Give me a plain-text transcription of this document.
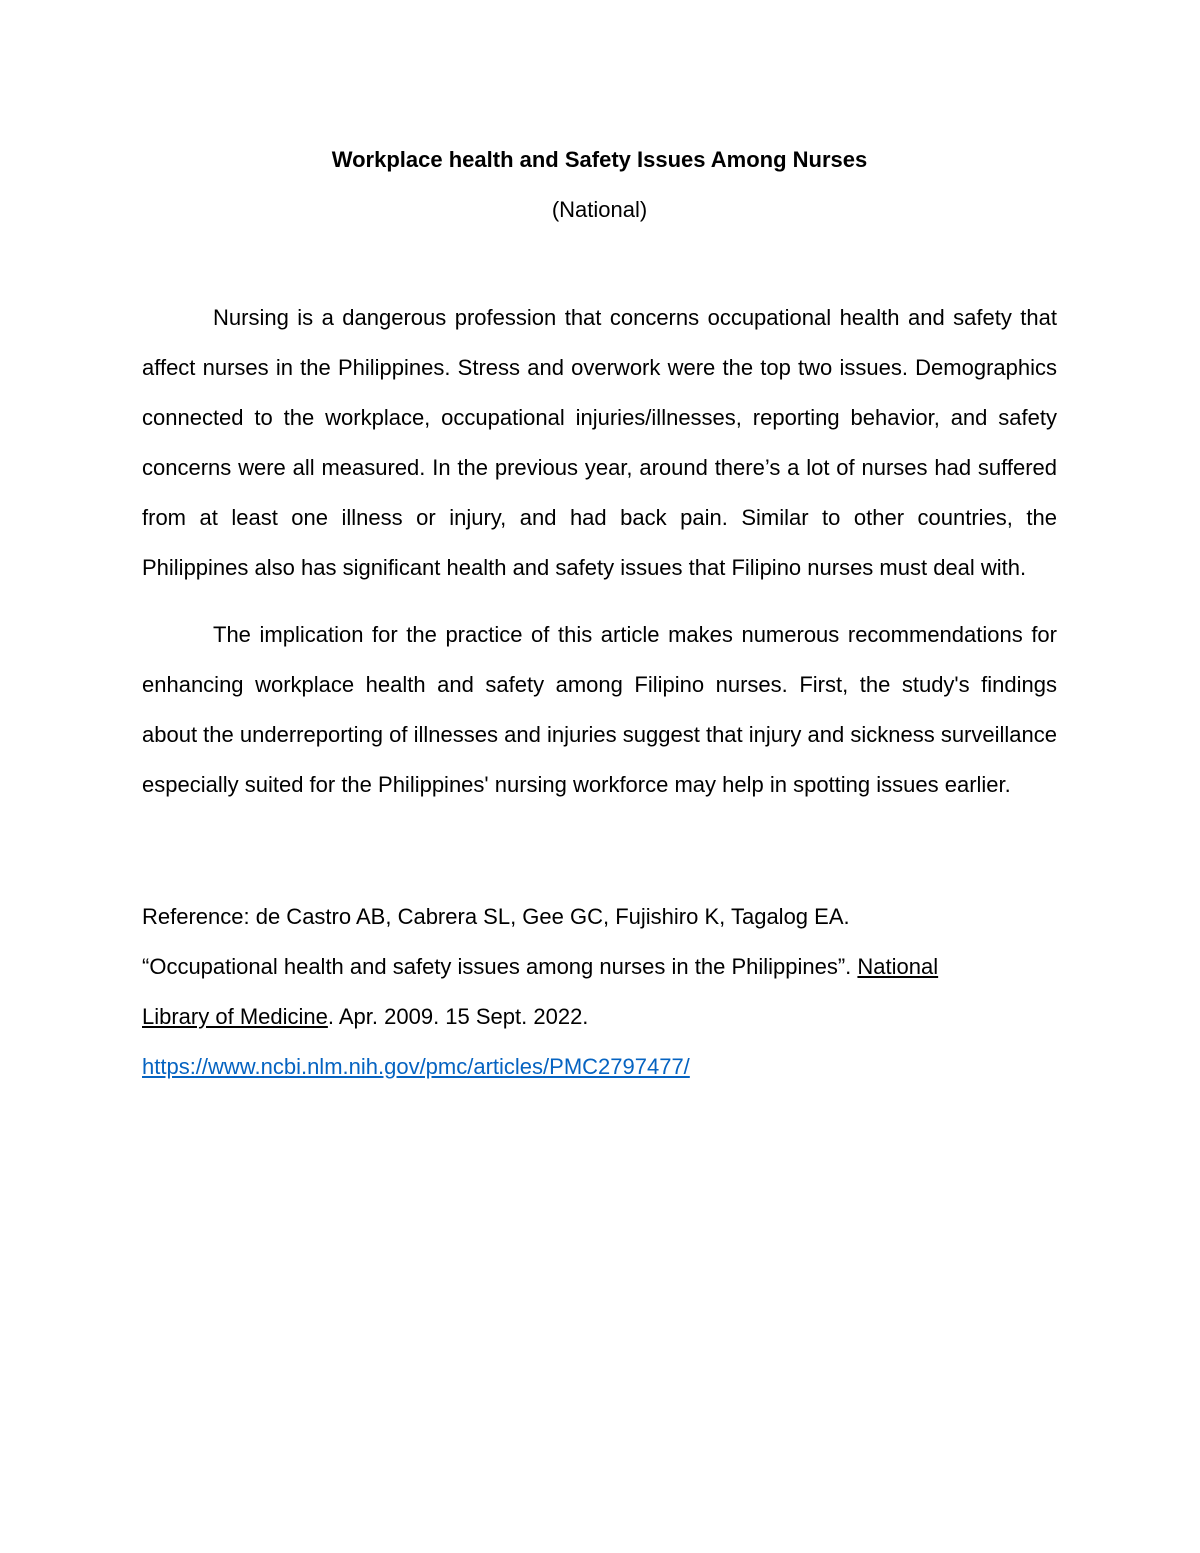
Workplace health and Safety Issues Among Nurses

(National)

Nursing is a dangerous profession that concerns occupational health and safety that affect nurses in the Philippines. Stress and overwork were the top two issues. Demographics connected to the workplace, occupational injuries/illnesses, reporting behavior, and safety concerns were all measured. In the previous year, around there’s a lot of nurses had suffered from at least one illness or injury, and had back pain. Similar to other countries, the Philippines also has significant health and safety issues that Filipino nurses must deal with.

The implication for the practice of this article makes numerous recommendations for enhancing workplace health and safety among Filipino nurses. First, the study's findings about the underreporting of illnesses and injuries suggest that injury and sickness surveillance especially suited for the Philippines' nursing workforce may help in spotting issues earlier.

Reference: de Castro AB, Cabrera SL, Gee GC, Fujishiro K, Tagalog EA.
“Occupational health and safety issues among nurses in the Philippines”. National
Library of Medicine. Apr. 2009. 15 Sept. 2022.
https://www.ncbi.nlm.nih.gov/pmc/articles/PMC2797477/
